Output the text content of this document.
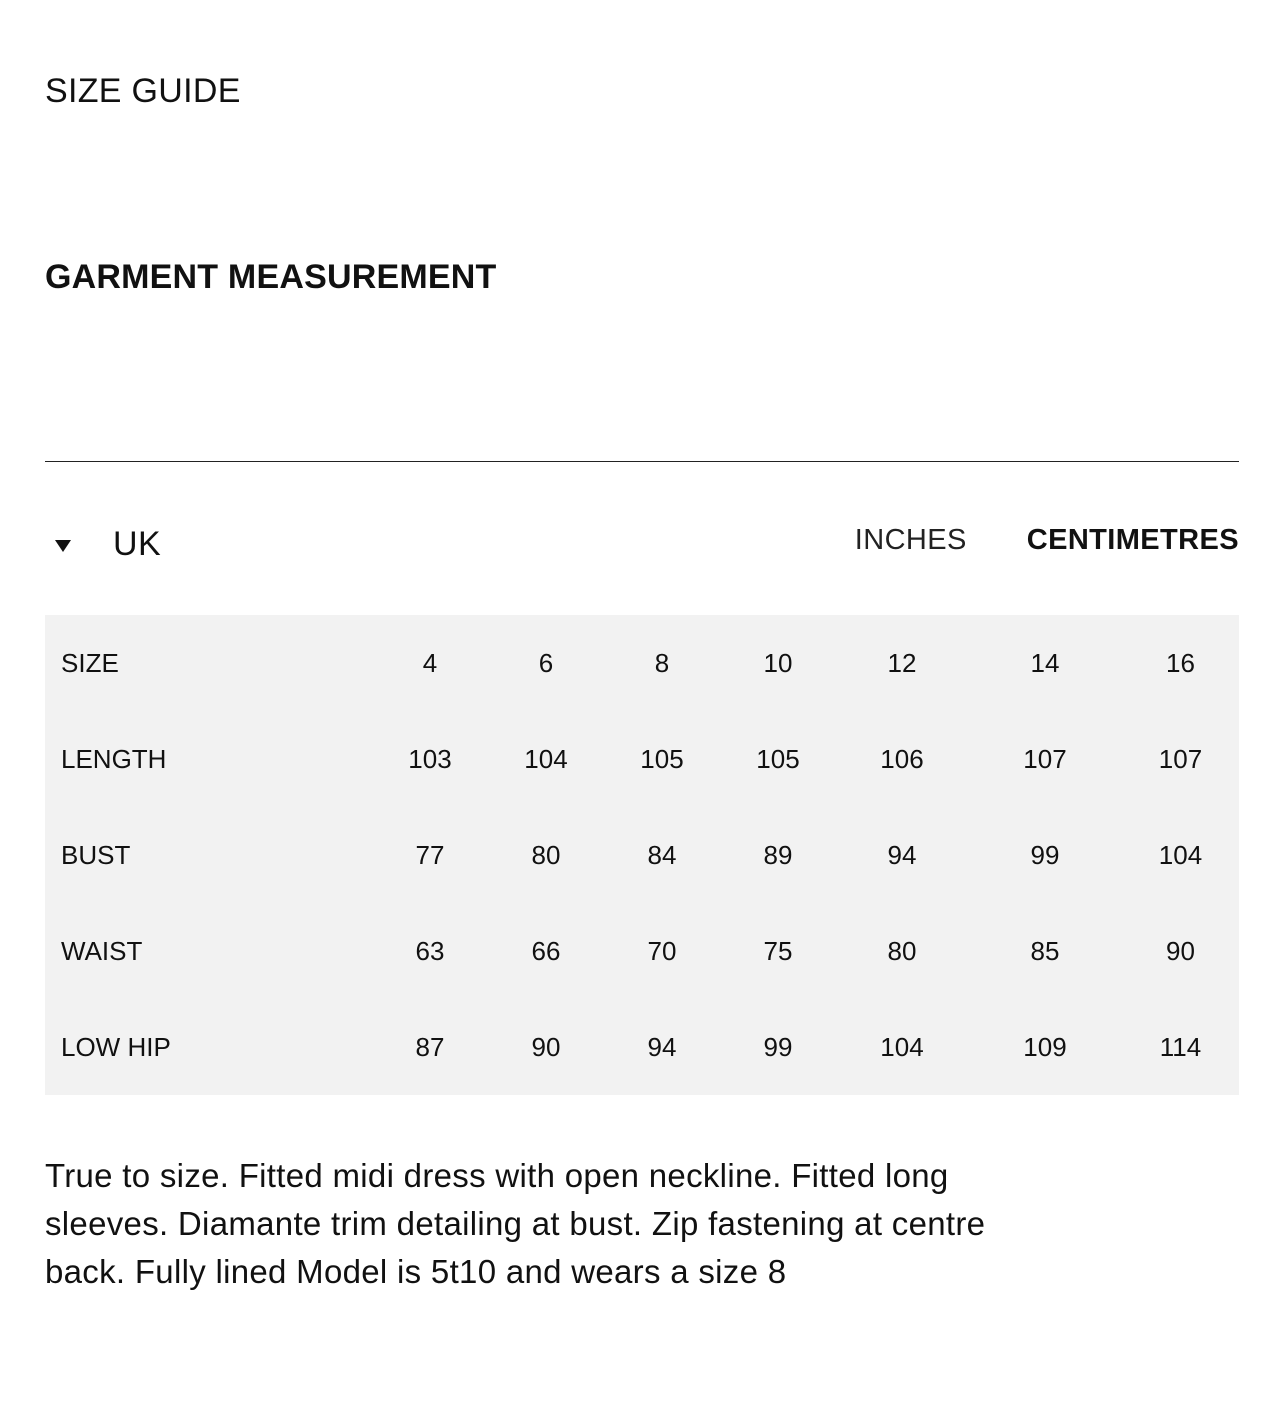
SIZE GUIDE
GARMENT MEASUREMENT
UK	INCHES CENTIMETRES
SIZE	4	6	8	10	12	14	16
LENGTH	103	104	105	105	106	107	107
BUST	77	80	84	89	94	99	104
WAIST	63	66	70	75	80	85	90
LOW HIP	87	90	94	99	104	109	114

True to size. Fitted midi dress with open neckline. Fitted long sleeves. Diamante trim detailing at bust. Zip fastening at centre back. Fully lined Model is 5t10 and wears a size 8
